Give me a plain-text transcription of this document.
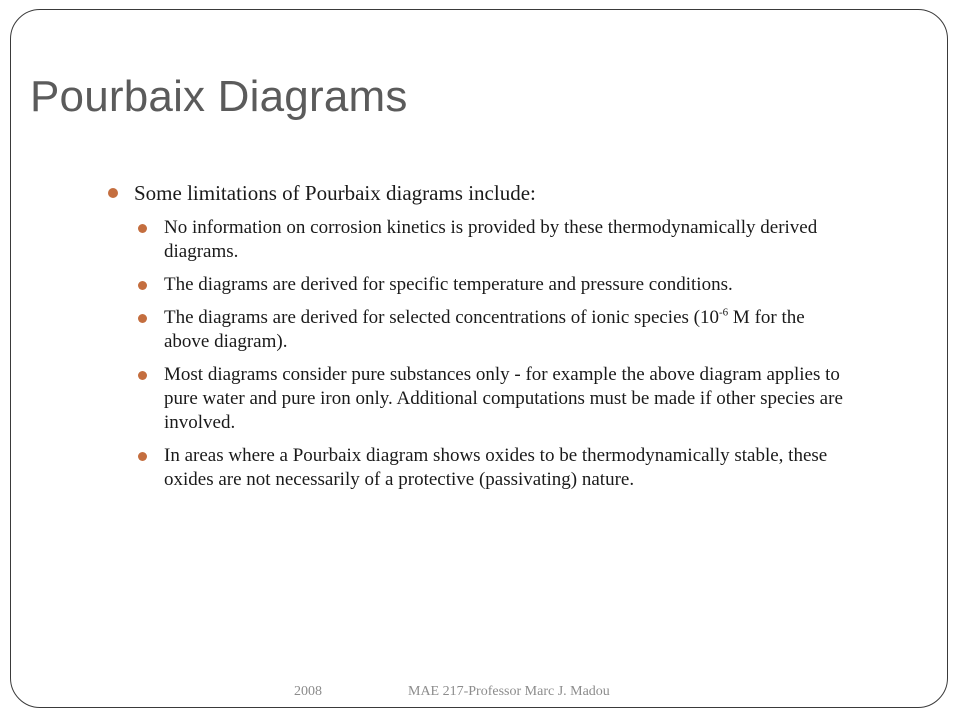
Pourbaix Diagrams
Some limitations of Pourbaix diagrams include:
No information on corrosion kinetics is provided by these thermodynamically derived diagrams.
The diagrams are derived for specific temperature and pressure conditions.
The diagrams are derived for selected concentrations of ionic species ($10^{-6}$ M for the above diagram).
Most diagrams consider pure substances only - for example the above diagram applies to pure water and pure iron only. Additional computations must be made if other species are involved.
In areas where a Pourbaix diagram shows oxides to be thermodynamically stable, these oxides are not necessarily of a protective (passivating) nature.
2008	MAE 217-Professor Marc J. Madou
